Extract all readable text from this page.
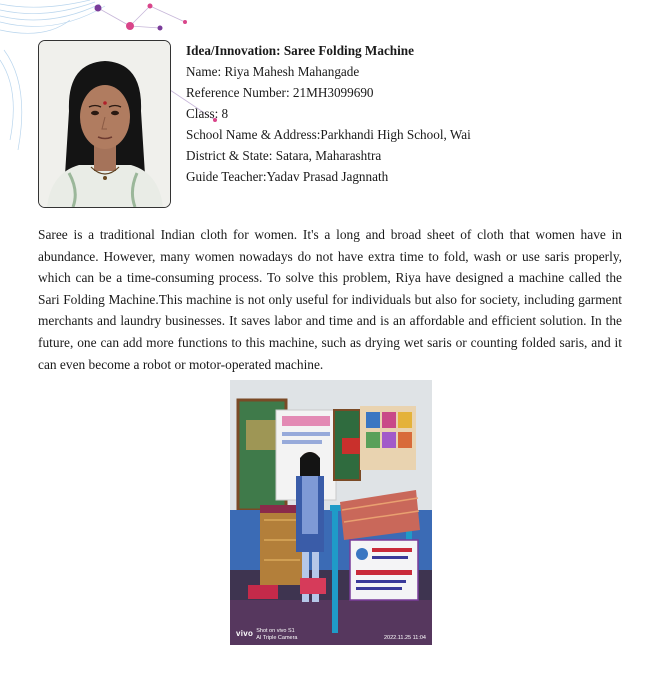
Idea/Innovation: Saree Folding Machine
Name: Riya Mahesh Mahangade
Reference Number: 21MH3099690
Class: 8
School Name & Address:Parkhandi High School, Wai
District & State: Satara, Maharashtra
Guide Teacher:Yadav Prasad Jagnnath
Saree is a traditional Indian cloth for women. It's a long and broad sheet of cloth that women have in abundance. However, many women nowadays do not have extra time to fold, wash or use saris properly, which can be a time-consuming process. To solve this problem, Riya have designed a machine called the Sari Folding Machine.This machine is not only useful for individuals but also for society, including garment merchants and laundry businesses. It saves labor and time and is an affordable and efficient solution. In the future, one can add more functions to this machine, such as drying wet saris or counting folded saris, and it can even become a robot or motor-operated machine.
vivo Shot on vivo S1
AI Triple Camera	2022.11.25 11:04
